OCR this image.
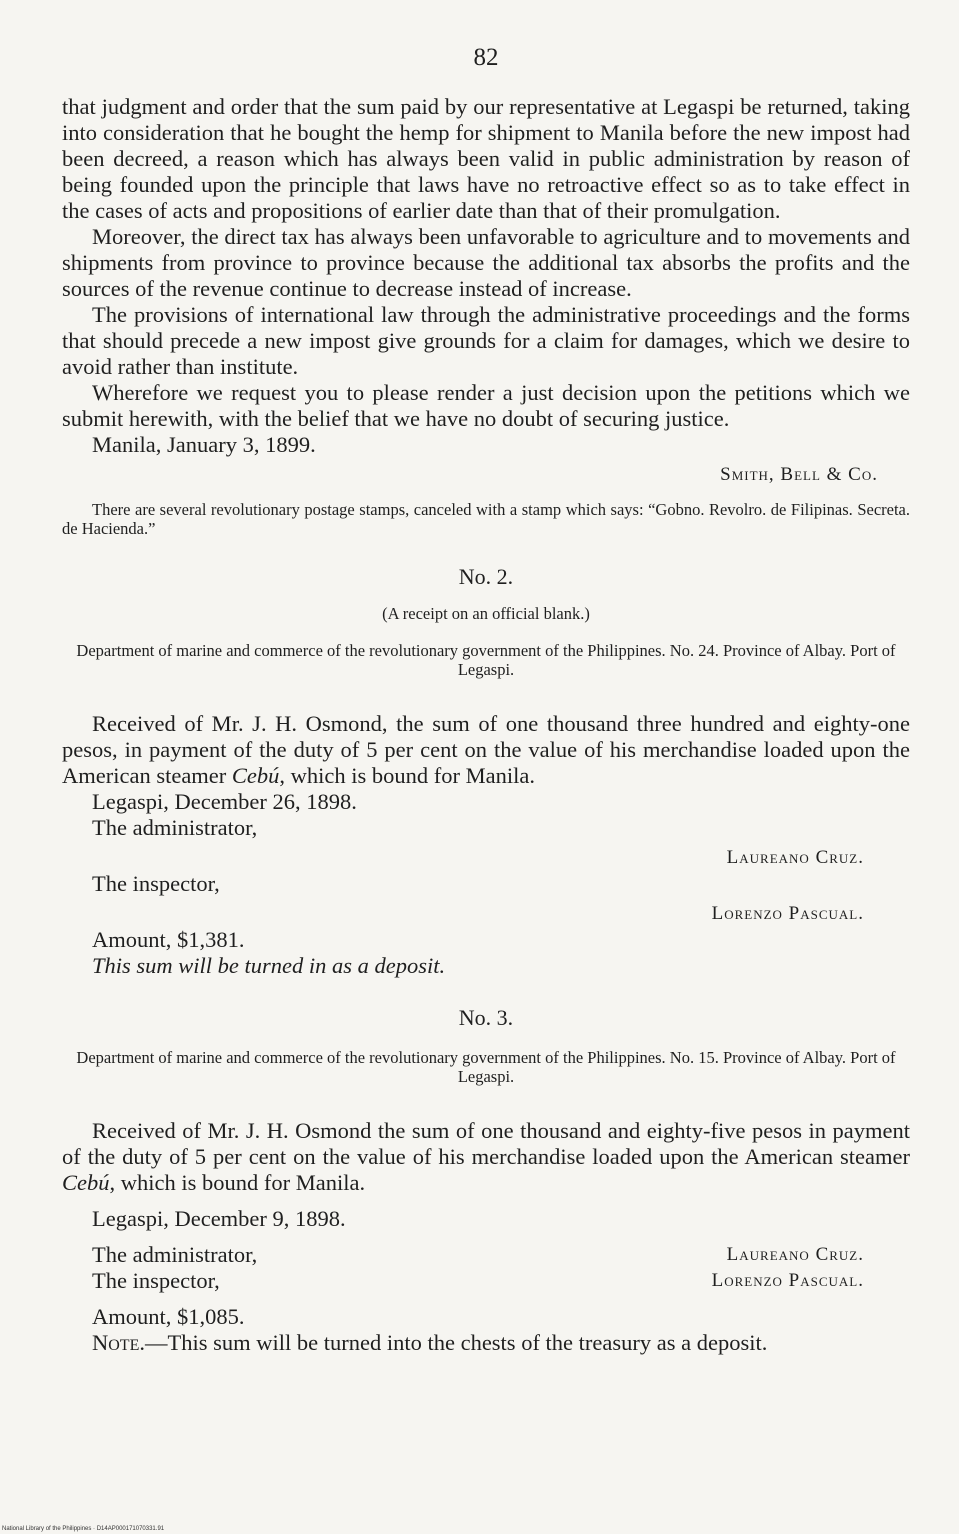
82

that judgment and order that the sum paid by our representative at Legaspi be returned, taking into consideration that he bought the hemp for shipment to Manila before the new impost had been decreed, a reason which has always been valid in public administration by reason of being founded upon the principle that laws have no retroactive effect so as to take effect in the cases of acts and propositions of earlier date than that of their promulgation.

Moreover, the direct tax has always been unfavorable to agriculture and to movements and shipments from province to province because the additional tax absorbs the profits and the sources of the revenue continue to decrease instead of increase.

The provisions of international law through the administrative proceedings and the forms that should precede a new impost give grounds for a claim for damages, which we desire to avoid rather than institute.

Wherefore we request you to please render a just decision upon the petitions which we submit herewith, with the belief that we have no doubt of securing justice.

Manila, January 3, 1899.
Smith, Bell & Co.

There are several revolutionary postage stamps, canceled with a stamp which says: “Gobno. Revolro. de Filipinas. Secreta. de Hacienda.”

No. 2.
(A receipt on an official blank.)

Department of marine and commerce of the revolutionary government of the Philippines. No. 24. Province of Albay. Port of Legaspi.

Received of Mr. J. H. Osmond, the sum of one thousand three hundred and eighty-one pesos, in payment of the duty of 5 per cent on the value of his merchandise loaded upon the American steamer Cebú, which is bound for Manila.

Legaspi, December 26, 1898.
The administrator,
Laureano Cruz.
The inspector,
Lorenzo Pascual.
Amount, $1,381.
This sum will be turned in as a deposit.
No. 3.

Department of marine and commerce of the revolutionary government of the Philippines. No. 15. Province of Albay. Port of Legaspi.

Received of Mr. J. H. Osmond the sum of one thousand and eighty-five pesos in payment of the duty of 5 per cent on the value of his merchandise loaded upon the American steamer Cebú, which is bound for Manila.

Legaspi, December 9, 1898.
The administrator,	Laureano Cruz.
The inspector,	Lorenzo Pascual.
Amount, $1,085.

Note.—This sum will be turned into the chests of the treasury as a deposit.

National Library of the Philippines · D14AP000171070331.91
